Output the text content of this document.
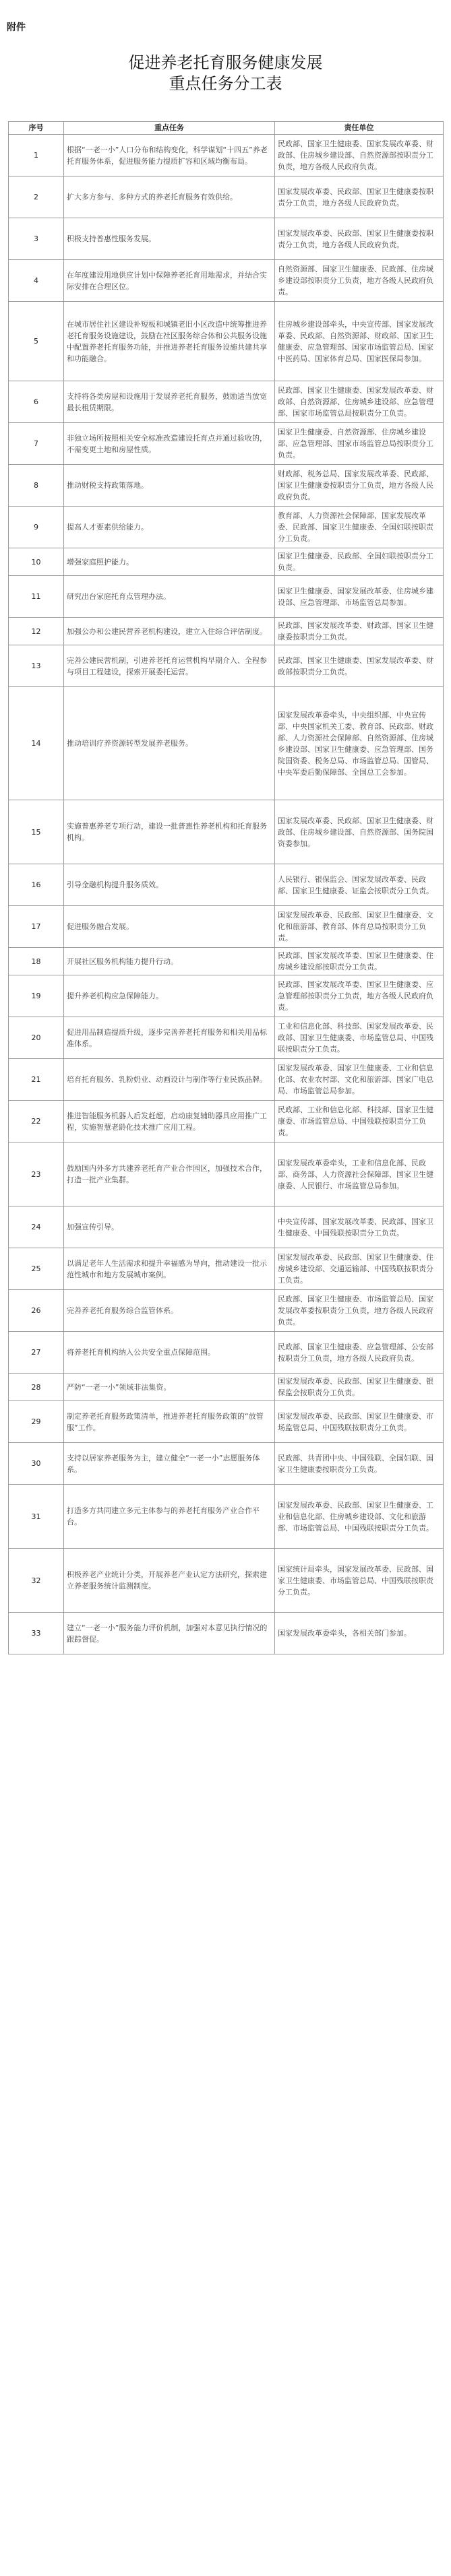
附件
促进养老托育服务健康发展
重点任务分工表
序号	重点任务	责任单位
1	根据“一老一小”人口分布和结构变化，科学谋划“十四五”养老托育服务体系，促进服务能力提质扩容和区域均衡布局。	民政部、国家卫生健康委、国家发展改革委、财政部、住房城乡建设部、自然资源部按职责分工负责，地方各级人民政府负责。
2	扩大多方参与、多种方式的养老托育服务有效供给。	国家发展改革委、民政部、国家卫生健康委按职责分工负责，地方各级人民政府负责。
3	积极支持普惠性服务发展。	国家发展改革委、民政部、国家卫生健康委按职责分工负责，地方各级人民政府负责。
4	在年度建设用地供应计划中保障养老托育用地需求，并结合实际安排在合理区位。	自然资源部、国家卫生健康委、民政部、住房城乡建设部按职责分工负责，地方各级人民政府负责。
5	在城市居住社区建设补短板和城镇老旧小区改造中统筹推进养老托育服务设施建设，鼓励在社区服务综合体和公共服务设施中配置养老托育服务功能，并推进养老托育服务设施共建共享和功能融合。	住房城乡建设部牵头，中央宣传部、国家发展改革委、民政部、自然资源部、财政部、国家卫生健康委、应急管理部、国家市场监管总局、国家中医药局、国家体育总局、国家医保局参加。
6	支持将各类房屋和设施用于发展养老托育服务，鼓励适当放宽最长租赁期限。	民政部、国家卫生健康委、国家发展改革委、财政部、自然资源部、住房城乡建设部、应急管理部、国家市场监管总局按职责分工负责。
7	非独立场所按照相关安全标准改造建设托育点并通过验收的，不需变更土地和房屋性质。	国家卫生健康委、自然资源部、住房城乡建设部、应急管理部、国家市场监管总局按职责分工负责。
8	推动财税支持政策落地。	财政部、税务总局、国家发展改革委、民政部、国家卫生健康委按职责分工负责，地方各级人民政府负责。
9	提高人才要素供给能力。	教育部、人力资源社会保障部、国家发展改革委、民政部、国家卫生健康委、全国妇联按职责分工负责。
10	增强家庭照护能力。	国家卫生健康委、民政部、全国妇联按职责分工负责。
11	研究出台家庭托育点管理办法。	国家卫生健康委、国家发展改革委、住房城乡建设部、应急管理部、市场监管总局参加。
12	加强公办和公建民营养老机构建设，建立入住综合评估制度。	民政部、国家发展改革委、财政部、国家卫生健康委按职责分工负责。
13	完善公建民营机制，引进养老托育运营机构早期介入、全程参与项目工程建设，探索开展委托运营。	民政部、国家卫生健康委、国家发展改革委、财政部按职责分工负责。
14	推动培训疗养资源转型发展养老服务。	国家发展改革委牵头，中央组织部、中央宣传部、中央国家机关工委、教育部、民政部、财政部、人力资源社会保障部、自然资源部、住房城乡建设部、国家卫生健康委、应急管理部、国务院国资委、税务总局、市场监管总局、国管局、中央军委后勤保障部、全国总工会参加。
15	实施普惠养老专项行动，建设一批普惠性养老机构和托育服务机构。	国家发展改革委、民政部、国家卫生健康委、财政部、住房城乡建设部、自然资源部、国务院国资委参加。
16	引导金融机构提升服务质效。	人民银行、银保监会、国家发展改革委、民政部、国家卫生健康委、证监会按职责分工负责。
17	促进服务融合发展。	国家发展改革委、民政部、国家卫生健康委、文化和旅游部、教育部、体育总局按职责分工负责。
18	开展社区服务机构能力提升行动。	民政部、国家发展改革委、国家卫生健康委、住房城乡建设部按职责分工负责。
19	提升养老机构应急保障能力。	民政部、国家发展改革委、国家卫生健康委、应急管理部按职责分工负责，地方各级人民政府负责。
20	促进用品制造提质升级，逐步完善养老托育服务和相关用品标准体系。	工业和信息化部、科技部、国家发展改革委、民政部、国家卫生健康委、市场监管总局、中国残联按职责分工负责。
21	培育托育服务、乳粉奶业、动画设计与制作等行业民族品牌。	国家发展改革委、国家卫生健康委、工业和信息化部、农业农村部、文化和旅游部、国家广电总局、市场监管总局参加。
22	推进智能服务机器人后发赶超，启动康复辅助器具应用推广工程，实施智慧老龄化技术推广应用工程。	民政部、工业和信息化部、科技部、国家卫生健康委、市场监管总局、中国残联按职责分工负责。
23	鼓励国内外多方共建养老托育产业合作园区，加强技术合作，打造一批产业集群。	国家发展改革委牵头，工业和信息化部、民政部、商务部、人力资源社会保障部、国家卫生健康委、人民银行、市场监管总局参加。
24	加强宣传引导。	中央宣传部、国家发展改革委、民政部、国家卫生健康委、中国残联按职责分工负责。
25	以满足老年人生活需求和提升幸福感为导向，推动建设一批示范性城市和地方发展城市案例。	国家发展改革委、民政部、国家卫生健康委、住房城乡建设部、交通运输部、中国残联按职责分工负责。
26	完善养老托育服务综合监管体系。	民政部、国家卫生健康委、市场监管总局、国家发展改革委按职责分工负责，地方各级人民政府负责。
27	将养老托育机构纳入公共安全重点保障范围。	民政部、国家卫生健康委、应急管理部、公安部按职责分工负责，地方各级人民政府负责。
28	严防“一老一小”领域非法集资。	国家发展改革委、民政部、国家卫生健康委、银保监会按职责分工负责。
29	制定养老托育服务政策清单，推进养老托育服务政策的“放管服”工作。	国家发展改革委、民政部、国家卫生健康委、市场监管总局、中国残联按职责分工负责。
30	支持以居家养老服务为主，建立健全“一老一小”志愿服务体系。	民政部、共青团中央、中国残联、全国妇联、国家卫生健康委按职责分工负责。
31	打造多方共同建立多元主体参与的养老托育服务产业合作平台。	国家发展改革委、民政部、国家卫生健康委、工业和信息化部、住房城乡建设部、文化和旅游部、市场监管总局、中国残联按职责分工负责。
32	积极养老产业统计分类，开展养老产业认定方法研究，探索建立养老服务统计监测制度。	国家统计局牵头，国家发展改革委、民政部、国家卫生健康委、市场监管总局、中国残联按职责分工负责。
33	建立“一老一小”服务能力评价机制，加强对本意见执行情况的跟踪督促。	国家发展改革委牵头，各相关部门参加。
